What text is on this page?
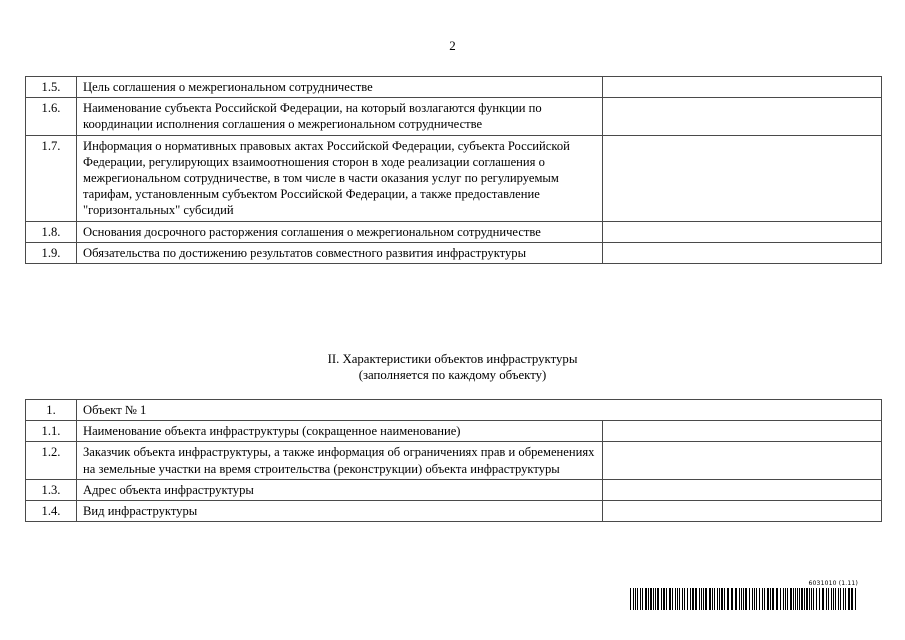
2
1.5.	Цель соглашения о межрегиональном сотрудничестве	
1.6.	Наименование субъекта Российской Федерации, на который возлагаются функции по координации исполнения соглашения о межрегиональном сотрудничестве	
1.7.	Информация о нормативных правовых актах Российской Федерации, субъекта Российской Федерации, регулирующих взаимоотношения сторон в ходе реализации соглашения о межрегиональном сотрудничестве, в том числе в части оказания услуг по регулируемым тарифам, установленным субъектом Российской Федерации, а также предоставление "горизонтальных" субсидий	
1.8.	Основания досрочного расторжения соглашения о межрегиональном сотрудничестве	
1.9.	Обязательства по достижению результатов совместного развития инфраструктуры	
II. Характеристики объектов инфраструктуры
(заполняется по каждому объекту)
1.	Объект № 1	
1.1.	Наименование объекта инфраструктуры (сокращенное наименование)	
1.2.	Заказчик объекта инфраструктуры, а также информация об ограничениях прав и обременениях на земельные участки на время строительства (реконструкции) объекта инфраструктуры	
1.3.	Адрес объекта инфраструктуры	
1.4.	Вид инфраструктуры	
6031010 (1.11)
